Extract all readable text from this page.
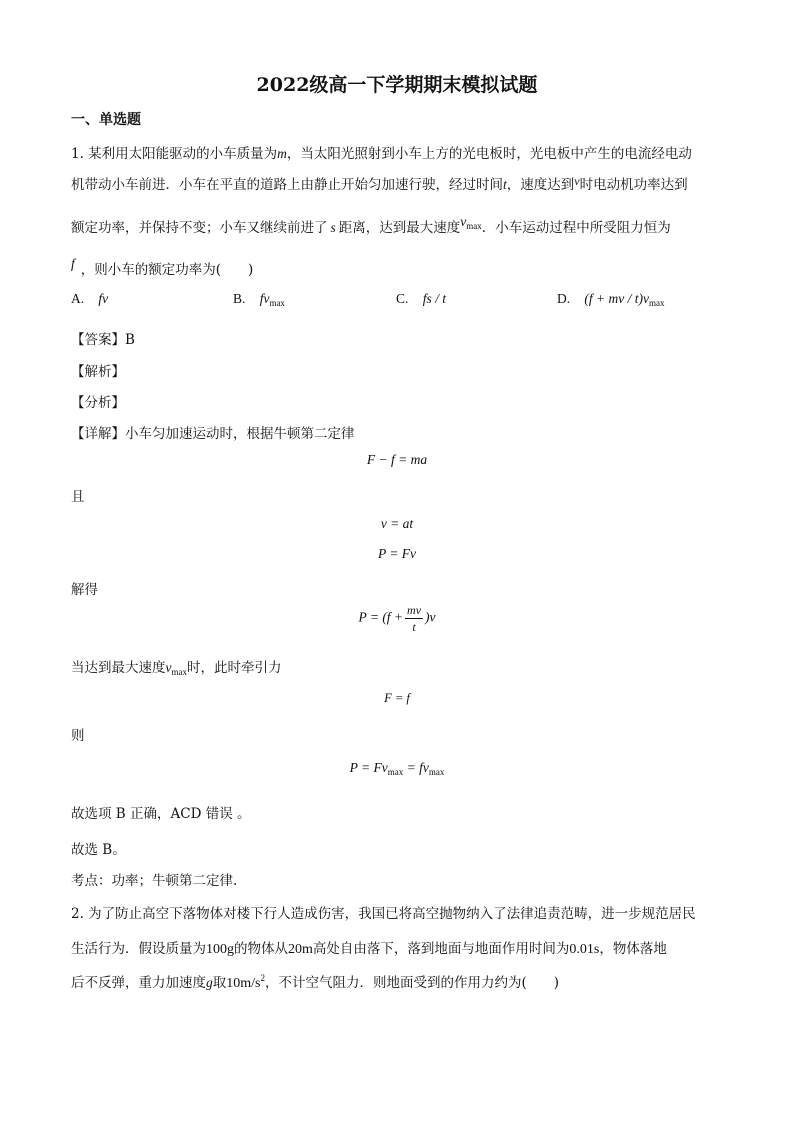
2022级高一下学期期末模拟试题
一、单选题
1. 某利用太阳能驱动的小车质量为m，当太阳光照射到小车上方的光电板时，光电板中产生的电流经电动
机带动小车前进．小车在平直的道路上由静止开始匀加速行驶，经过时间t，速度达到v时电动机功率达到
额定功率，并保持不变；小车又继续前进了 s 距离，达到最大速度$v_{max}$．小车运动过程中所受阻力恒为
f ，则小车的额定功率为(　　)
A. fv	B. $fv_{max}$	C. fs / t	D. (f + mv / $t)v_{max}$
【答案】B
【解析】
【分析】
【详解】小车匀加速运动时，根据牛顿第二定律
F − f = ma
且
v = at
P = Fv
解得
$P = (f + \frac{mv}{t} )v$
当达到最大速度$v_{max}$时，此时牵引力
F = f
则
$P = Fv_{max} = fv_{max}$
故选项 B 正确，ACD 错误 。
故选 B。
考点：功率；牛顿第二定律.
2. 为了防止高空下落物体对楼下行人造成伤害，我国已将高空抛物纳入了法律追责范畴，进一步规范居民
生活行为．假设质量为100g的物体从20m高处自由落下，落到地面与地面作用时间为0.01s，物体落地
后不反弹，重力加速度g取$10m/s^2$，不计空气阻力．则地面受到的作用力约为(　　)
